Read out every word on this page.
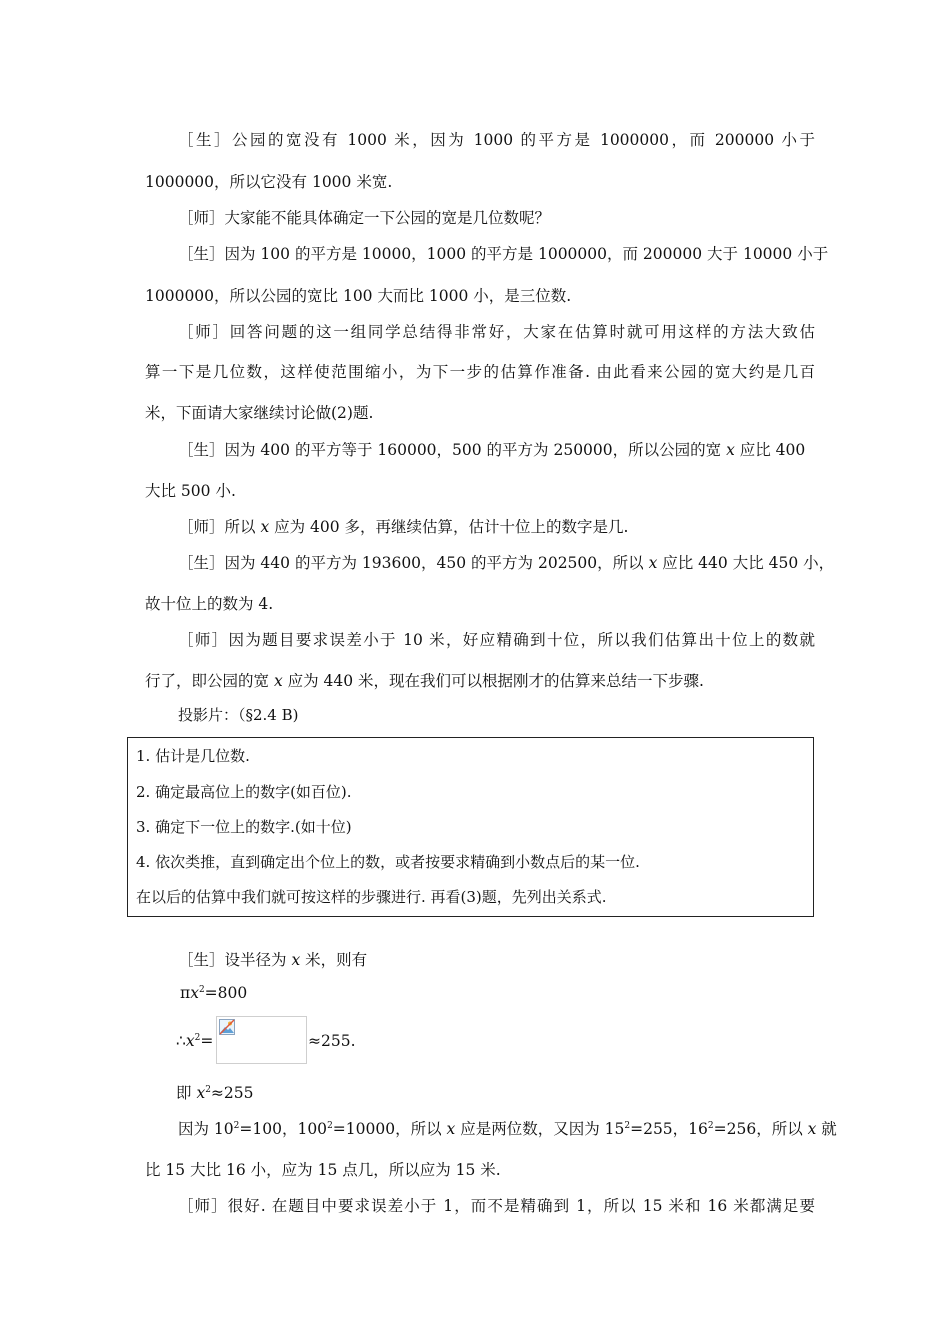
［生］公园的宽没有 1000 米，因为 1000 的平方是 1000000，而 200000 小于
1000000，所以它没有 1000 米宽.
［师］大家能不能具体确定一下公园的宽是几位数呢？
［生］因为 100 的平方是 10000，1000 的平方是 1000000，而 200000 大于 10000 小于
1000000，所以公园的宽比 100 大而比 1000 小，是三位数.
［师］回答问题的这一组同学总结得非常好，大家在估算时就可用这样的方法大致估
算一下是几位数，这样使范围缩小，为下一步的估算作准备. 由此看来公园的宽大约是几百
米，下面请大家继续讨论做(2)题.
［生］因为 400 的平方等于 160000，500 的平方为 250000，所以公园的宽 x 应比 400
大比 500 小.
［师］所以 x 应为 400 多，再继续估算，估计十位上的数字是几.
［生］因为 440 的平方为 193600，450 的平方为 202500，所以 x 应比 440 大比 450 小，
故十位上的数为 4.
［师］因为题目要求误差小于 10 米，好应精确到十位，所以我们估算出十位上的数就
行了，即公园的宽 x 应为 440 米，现在我们可以根据刚才的估算来总结一下步骤.
投影片：（§2.4 B)
1. 估计是几位数.
2. 确定最高位上的数字(如百位).
3. 确定下一位上的数字.(如十位)
4. 依次类推，直到确定出个位上的数，或者按要求精确到小数点后的某一位.
在以后的估算中我们就可按这样的步骤进行. 再看(3)题，先列出关系式.
［生］设半径为 x 米，则有
$\pi x^2=800$
$\therefore x^2=$	≈255.
即 $x^2\approx 255$
因为 $10^2=100$，$100^2=10000$，所以 x 应是两位数，又因为 $15^2=255$，$16^2=256$，所以 x 就
比 15 大比 16 小，应为 15 点几，所以应为 15 米.
［师］很好. 在题目中要求误差小于 1，而不是精确到 1，所以 15 米和 16 米都满足要
